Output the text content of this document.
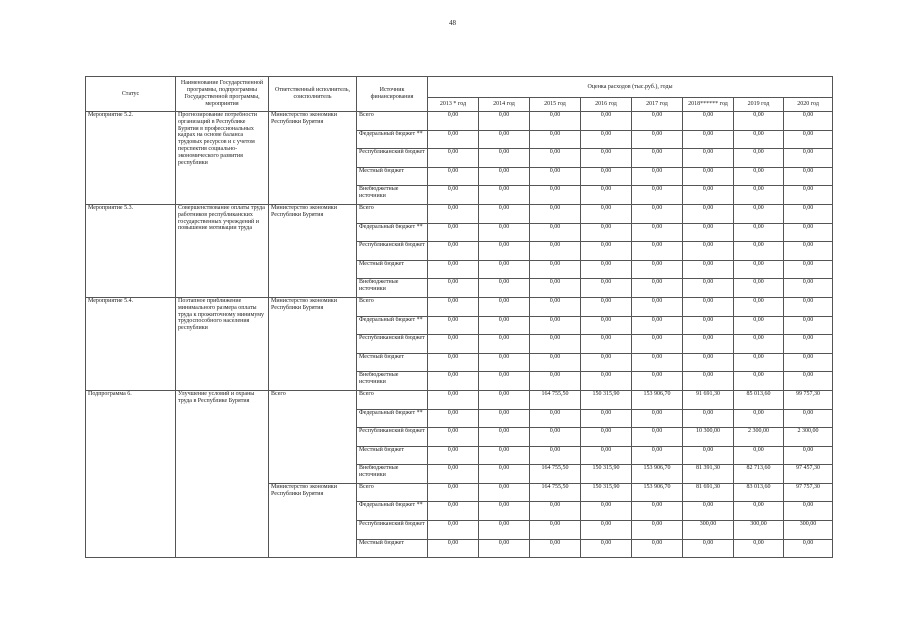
48
Статус	Наименование Государственной программы, подпрограммы Государственной программы, мероприятия	Ответственный исполнитель, соисполнитель	Источник финансирования	Оценка расходов (тыс.руб.), годы							
				2013 * год	2014 год	2015 год	2016 год	2017 год	2018****** год	2019 год	2020 год
Мероприятие 5.2.	Прогнозирование потребности организаций в Республике Бурятия в профессиональных кадрах на основе баланса трудовых ресурсов и с учетом перспектив социально-экономического развития республики	Министерство экономики Республики Бурятия	Всего	0,00	0,00	0,00	0,00	0,00	0,00	0,00	0,00
			Федеральный бюджет **	0,00	0,00	0,00	0,00	0,00	0,00	0,00	0,00
			Республиканский бюджет	0,00	0,00	0,00	0,00	0,00	0,00	0,00	0,00
			Местный бюджет	0,00	0,00	0,00	0,00	0,00	0,00	0,00	0,00
			Внебюджетные источники	0,00	0,00	0,00	0,00	0,00	0,00	0,00	0,00
Мероприятие 5.3.	Совершенствование оплаты труда работников республиканских государственных учреждений и повышение мотивации труда	Министерство экономики Республики Бурятия	Всего	0,00	0,00	0,00	0,00	0,00	0,00	0,00	0,00
			Федеральный бюджет **	0,00	0,00	0,00	0,00	0,00	0,00	0,00	0,00
			Республиканский бюджет	0,00	0,00	0,00	0,00	0,00	0,00	0,00	0,00
			Местный бюджет	0,00	0,00	0,00	0,00	0,00	0,00	0,00	0,00
			Внебюджетные источники	0,00	0,00	0,00	0,00	0,00	0,00	0,00	0,00
Мероприятие 5.4.	Поэтапное приближение минимального размера оплаты труда к прожиточному минимуму трудоспособного населения республики	Министерство экономики Республики Бурятия	Всего	0,00	0,00	0,00	0,00	0,00	0,00	0,00	0,00
			Федеральный бюджет **	0,00	0,00	0,00	0,00	0,00	0,00	0,00	0,00
			Республиканский бюджет	0,00	0,00	0,00	0,00	0,00	0,00	0,00	0,00
			Местный бюджет	0,00	0,00	0,00	0,00	0,00	0,00	0,00	0,00
			Внебюджетные источники	0,00	0,00	0,00	0,00	0,00	0,00	0,00	0,00
Подпрограмма 6.	Улучшение условий и охраны труда в Республике Бурятия	Всего	Всего	0,00	0,00	164 755,50	150 315,90	153 906,70	91 691,30	85 013,60	99 757,30
			Федеральный бюджет **	0,00	0,00	0,00	0,00	0,00	0,00	0,00	0,00
			Республиканский бюджет	0,00	0,00	0,00	0,00	0,00	10 300,00	2 300,00	2 300,00
			Местный бюджет	0,00	0,00	0,00	0,00	0,00	0,00	0,00	0,00
			Внебюджетные источники	0,00	0,00	164 755,50	150 315,90	153 906,70	81 391,30	82 713,60	97 457,30
		Министерство экономики Республики Бурятия	Всего	0,00	0,00	164 755,50	150 315,90	153 906,70	81 691,30	83 013,60	97 757,30
			Федеральный бюджет **	0,00	0,00	0,00	0,00	0,00	0,00	0,00	0,00
			Республиканский бюджет	0,00	0,00	0,00	0,00	0,00	300,00	300,00	300,00
			Местный бюджет	0,00	0,00	0,00	0,00	0,00	0,00	0,00	0,00
